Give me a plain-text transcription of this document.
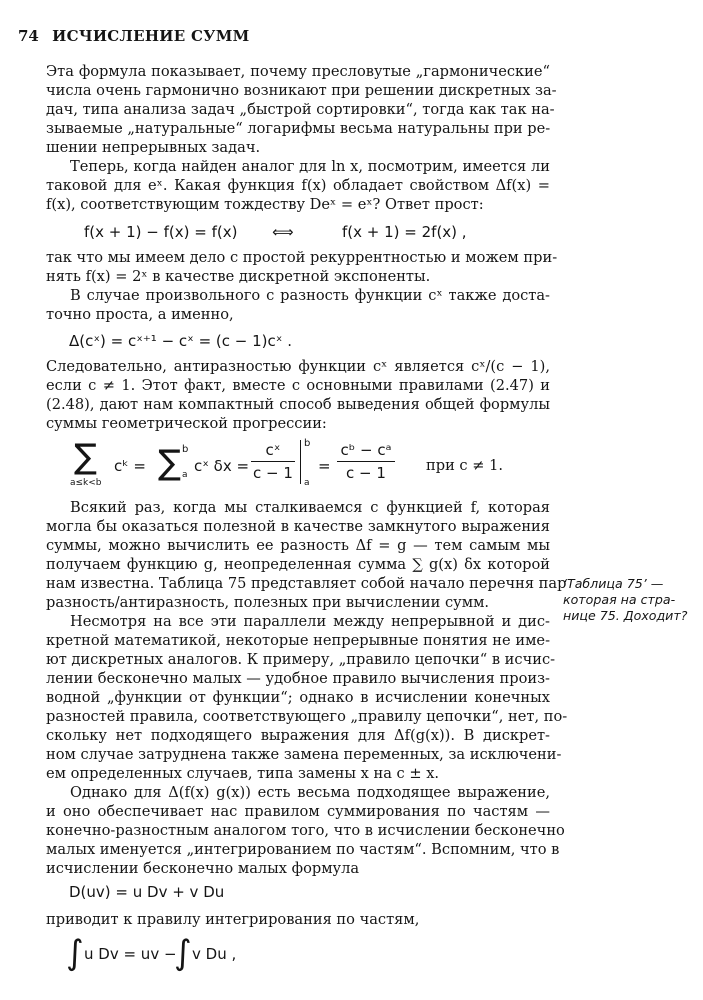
74 ИСЧИСЛЕНИЕ СУММ
Эта формула показывает, почему пресловутые „гармонические“
числа очень гармонично возникают при решении дискретных за-
дач, типа анализа задач „быстрой сортировки“, тогда как так на-
зываемые „натуральные“ логарифмы весьма натуральны при ре-
шении непрерывных задач.
Теперь, когда найден аналог для ln x, посмотрим, имеется ли
таковой для eˣ. Какая функция f(x) обладает свойством Δf(x) =
f(x), соответствующим тождеству Deˣ = eˣ? Ответ прост:
f(x + 1) − f(x) = f(x) ⟺	f(x + 1) = 2f(x) ,
так что мы имеем дело с простой рекуррентностью и можем при-
нять f(x) = 2ˣ в качестве дискретной экспоненты.
В случае произвольного c разность функции cˣ также доста-
точно проста, а именно,
Δ(cˣ) = cˣ⁺¹ − cˣ = (c − 1)cˣ .
Следовательно, антиразностью функции cˣ является cˣ/(c − 1),
если c ≠ 1. Этот факт, вместе с основными правилами (2.47) и
(2.48), дают нам компактный способ выведения общей формулы
суммы геометрической прогрессии:
∑
a≤k<b
cᵏ = ∑ b
a cˣ $\delta x = \frac{\text{cˣ}}{c - 1}$ b
a
= $\frac{\text{cᵇ − cᵃ}}{c - 1}$ при c ≠ 1.
Всякий раз, когда мы сталкиваемся с функцией f, которая
могла бы оказаться полезной в качестве замкнутого выражения
суммы, можно вычислить ее разность Δf = g — тем самым мы
получаем функцию g, неопределенная сумма ∑ g(x) δx которой
нам известна. Таблица 75 представляет собой начало перечня пар
разность/антиразность, полезных при вычислении сумм.
‘Таблица 75’ —
которая на стра-
нице 75. Доходит?
Несмотря на все эти параллели между непрерывной и дис-
кретной математикой, некоторые непрерывные понятия не име-
ют дискретных аналогов. К примеру, „правило цепочки“ в исчис-
лении бесконечно малых — удобное правило вычисления произ-
водной „функции от функции“; однако в исчислении конечных
разностей правила, соответствующего „правилу цепочки“, нет, по-
скольку нет подходящего выражения для Δf(g(x)). В дискрет-
ном случае затруднена также замена переменных, за исключени-
ем определенных случаев, типа замены x на c ± x.
Однако для Δ(f(x) g(x)) есть весьма подходящее выражение,
и оно обеспечивает нас правилом суммирования по частям —
конечно-разностным аналогом того, что в исчислении бесконечно
малых именуется „интегрированием по частям“. Вспомним, что в
исчислении бесконечно малых формула
D(uv) = u Dv + v Du
приводит к правилу интегрирования по частям,
∫ u Dv = uv −
∫ v Du ,
